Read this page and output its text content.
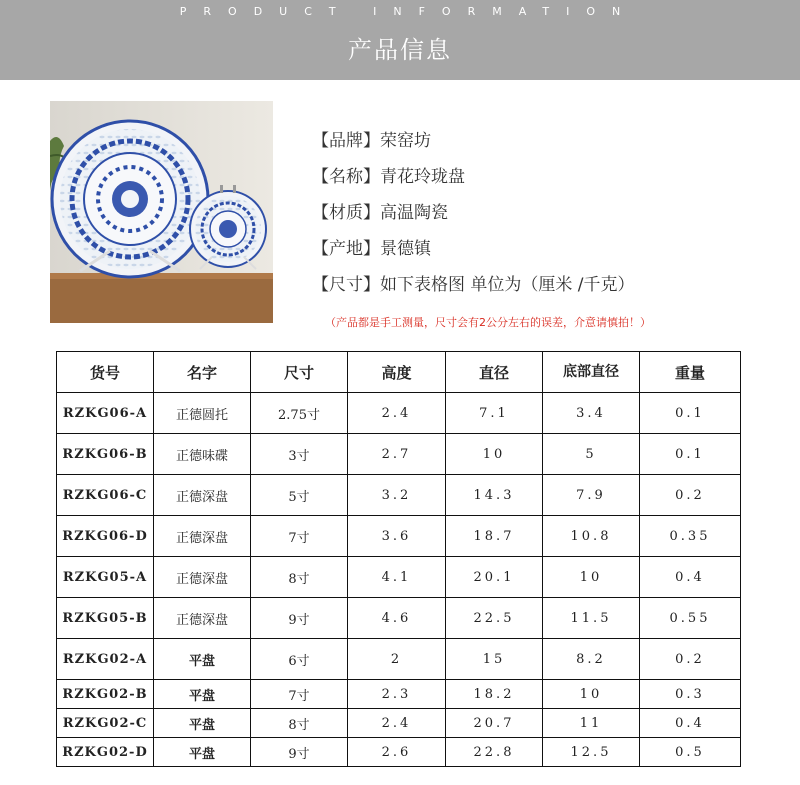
PRODUCT INFORMATION
产品信息
【品牌】荣窑坊
【名称】青花玲珑盘
【材质】高温陶瓷
【产地】景德镇
【尺寸】如下表格图 单位为（厘米 /千克）
（产品都是手工测量，尺寸会有2公分左右的误差，介意请慎拍！）
货号	名字	尺寸	高度	直径	底部直径	重量
RZKG06-A	正德圆托	2.75寸	2.4	7.1	3.4	0.1
RZKG06-B	正德味碟	3寸	2.7	10	5	0.1
RZKG06-C	正德深盘	5寸	3.2	14.3	7.9	0.2
RZKG06-D	正德深盘	7寸	3.6	18.7	10.8	0.35
RZKG05-A	正德深盘	8寸	4.1	20.1	10	0.4
RZKG05-B	正德深盘	9寸	4.6	22.5	11.5	0.55
RZKG02-A	平盘	6寸	2	15	8.2	0.2
RZKG02-B	平盘	7寸	2.3	18.2	10	0.3
RZKG02-C	平盘	8寸	2.4	20.7	11	0.4
RZKG02-D	平盘	9寸	2.6	22.8	12.5	0.5
